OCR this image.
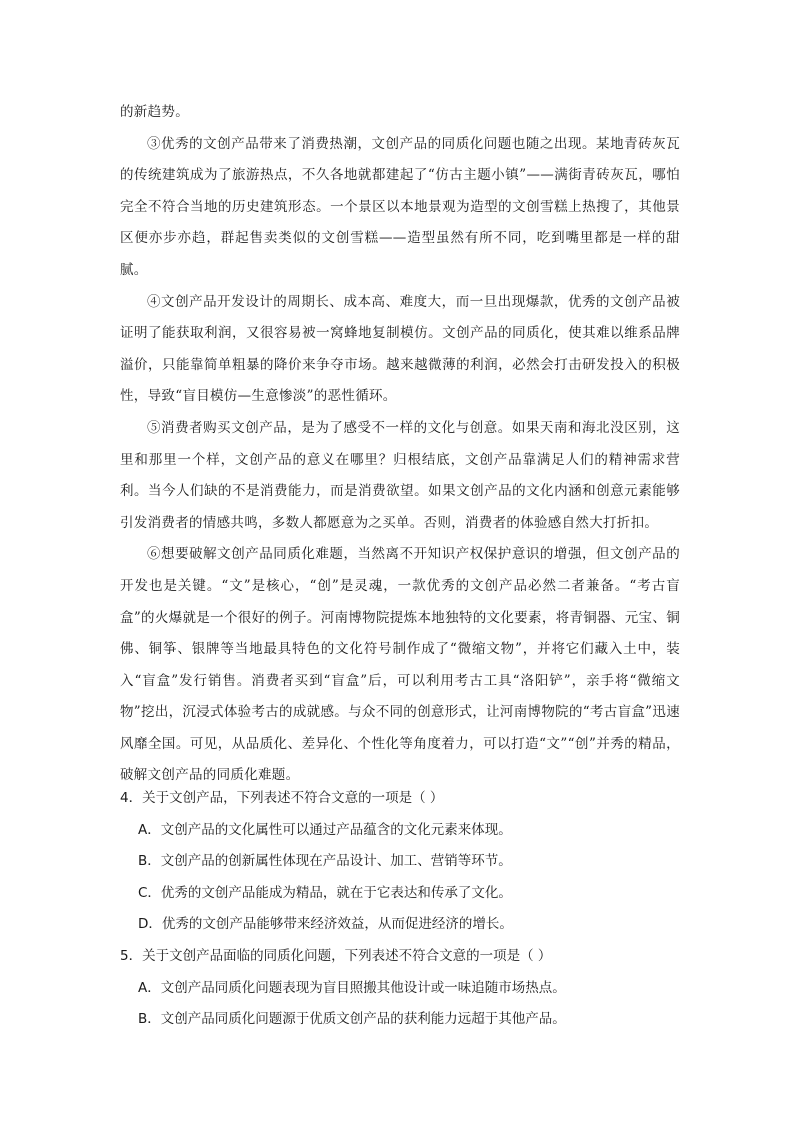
的新趋势。

③优秀的文创产品带来了消费热潮，文创产品的同质化问题也随之出现。某地青砖灰瓦的传统建筑成为了旅游热点，不久各地就都建起了“仿古主题小镇”——满街青砖灰瓦，哪怕完全不符合当地的历史建筑形态。一个景区以本地景观为造型的文创雪糕上热搜了，其他景区便亦步亦趋，群起售卖类似的文创雪糕——造型虽然有所不同，吃到嘴里都是一样的甜腻。

④文创产品开发设计的周期长、成本高、难度大，而一旦出现爆款，优秀的文创产品被证明了能获取利润，又很容易被一窝蜂地复制模仿。文创产品的同质化，使其难以维系品牌溢价，只能靠简单粗暴的降价来争夺市场。越来越微薄的利润，必然会打击研发投入的积极性，导致“盲目模仿—生意惨淡”的恶性循环。

⑤消费者购买文创产品，是为了感受不一样的文化与创意。如果天南和海北没区别，这里和那里一个样，文创产品的意义在哪里？归根结底，文创产品靠满足人们的精神需求营利。当今人们缺的不是消费能力，而是消费欲望。如果文创产品的文化内涵和创意元素能够引发消费者的情感共鸣，多数人都愿意为之买单。否则，消费者的体验感自然大打折扣。

⑥想要破解文创产品同质化难题，当然离不开知识产权保护意识的增强，但文创产品的开发也是关键。“文”是核心，“创”是灵魂，一款优秀的文创产品必然二者兼备。“考古盲盒”的火爆就是一个很好的例子。河南博物院提炼本地独特的文化要素，将青铜器、元宝、铜佛、铜筝、银牌等当地最具特色的文化符号制作成了“微缩文物”，并将它们藏入土中，装入“盲盒”发行销售。消费者买到“盲盒”后，可以利用考古工具“洛阳铲”，亲手将“微缩文物”挖出，沉浸式体验考古的成就感。与众不同的创意形式，让河南博物院的“考古盲盒”迅速风靡全国。可见，从品质化、差异化、个性化等角度着力，可以打造“文”“创”并秀的精品，破解文创产品的同质化难题。

4．关于文创产品，下列表述不符合文意的一项是（ ）

A．文创产品的文化属性可以通过产品蕴含的文化元素来体现。

B．文创产品的创新属性体现在产品设计、加工、营销等环节。

C．优秀的文创产品能成为精品，就在于它表达和传承了文化。

D．优秀的文创产品能够带来经济效益，从而促进经济的增长。

5．关于文创产品面临的同质化问题，下列表述不符合文意的一项是（ ）

A．文创产品同质化问题表现为盲目照搬其他设计或一味追随市场热点。

B．文创产品同质化问题源于优质文创产品的获利能力远超于其他产品。
